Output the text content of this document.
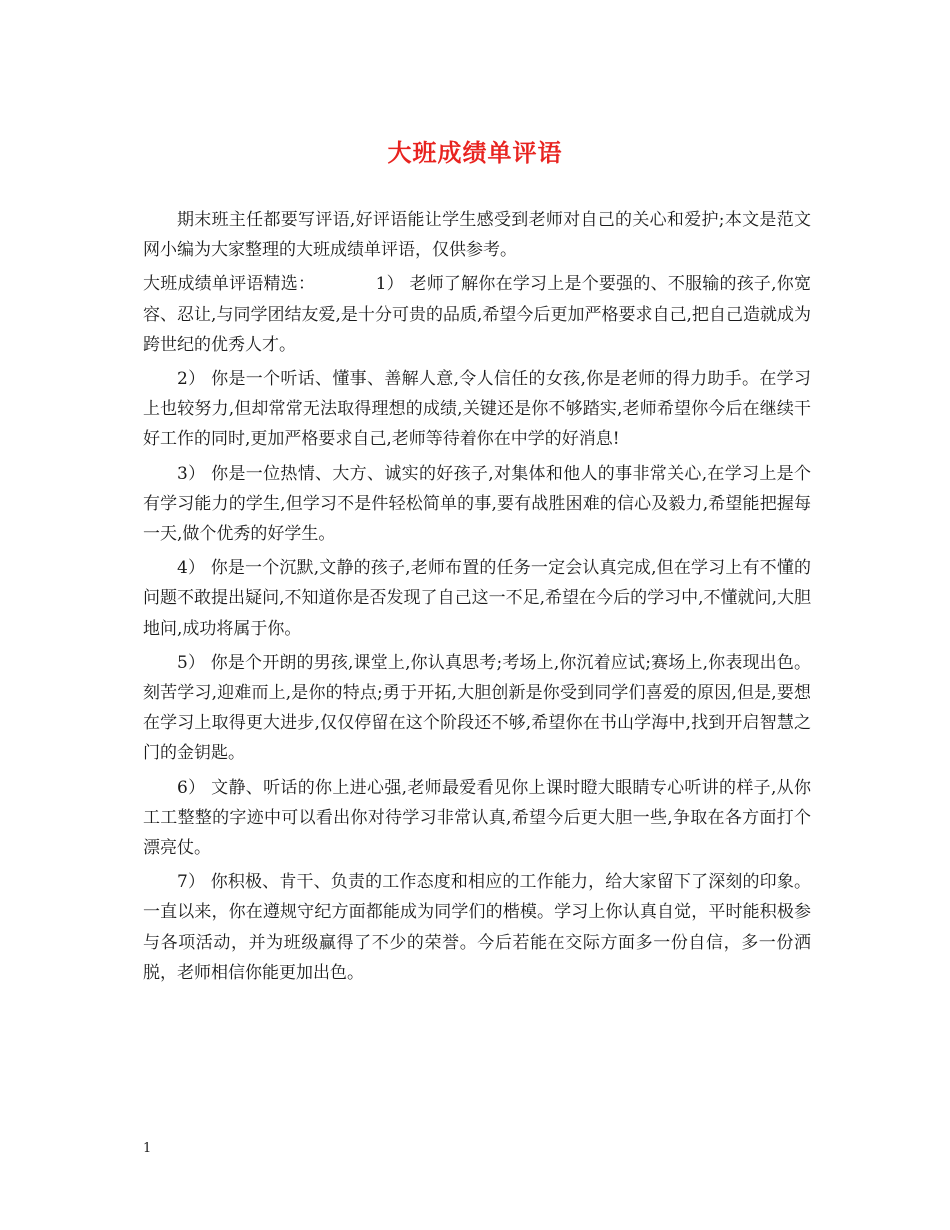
大班成绩单评语

期末班主任都要写评语,好评语能让学生感受到老师对自己的关心和爱护;本文是范文网小编为大家整理的大班成绩单评语，仅供参考。

大班成绩单评语精选：　　　　1） 老师了解你在学习上是个要强的、不服输的孩子,你宽容、忍让,与同学团结友爱,是十分可贵的品质,希望今后更加严格要求自己,把自己造就成为跨世纪的优秀人才。

2） 你是一个听话、懂事、善解人意,令人信任的女孩,你是老师的得力助手。在学习上也较努力,但却常常无法取得理想的成绩,关键还是你不够踏实,老师希望你今后在继续干好工作的同时,更加严格要求自己,老师等待着你在中学的好消息!

3） 你是一位热情、大方、诚实的好孩子,对集体和他人的事非常关心,在学习上是个有学习能力的学生,但学习不是件轻松简单的事,要有战胜困难的信心及毅力,希望能把握每一天,做个优秀的好学生。

4） 你是一个沉默,文静的孩子,老师布置的任务一定会认真完成,但在学习上有不懂的问题不敢提出疑问,不知道你是否发现了自己这一不足,希望在今后的学习中,不懂就问,大胆地问,成功将属于你。

5） 你是个开朗的男孩,课堂上,你认真思考;考场上,你沉着应试;赛场上,你表现出色。刻苦学习,迎难而上,是你的特点;勇于开拓,大胆创新是你受到同学们喜爱的原因,但是,要想在学习上取得更大进步,仅仅停留在这个阶段还不够,希望你在书山学海中,找到开启智慧之门的金钥匙。

6） 文静、听话的你上进心强,老师最爱看见你上课时瞪大眼睛专心听讲的样子,从你工工整整的字迹中可以看出你对待学习非常认真,希望今后更大胆一些,争取在各方面打个漂亮仗。

7） 你积极、肯干、负责的工作态度和相应的工作能力，给大家留下了深刻的印象。一直以来，你在遵规守纪方面都能成为同学们的楷模。学习上你认真自觉，平时能积极参与各项活动，并为班级赢得了不少的荣誉。今后若能在交际方面多一份自信，多一份洒脱，老师相信你能更加出色。

1
